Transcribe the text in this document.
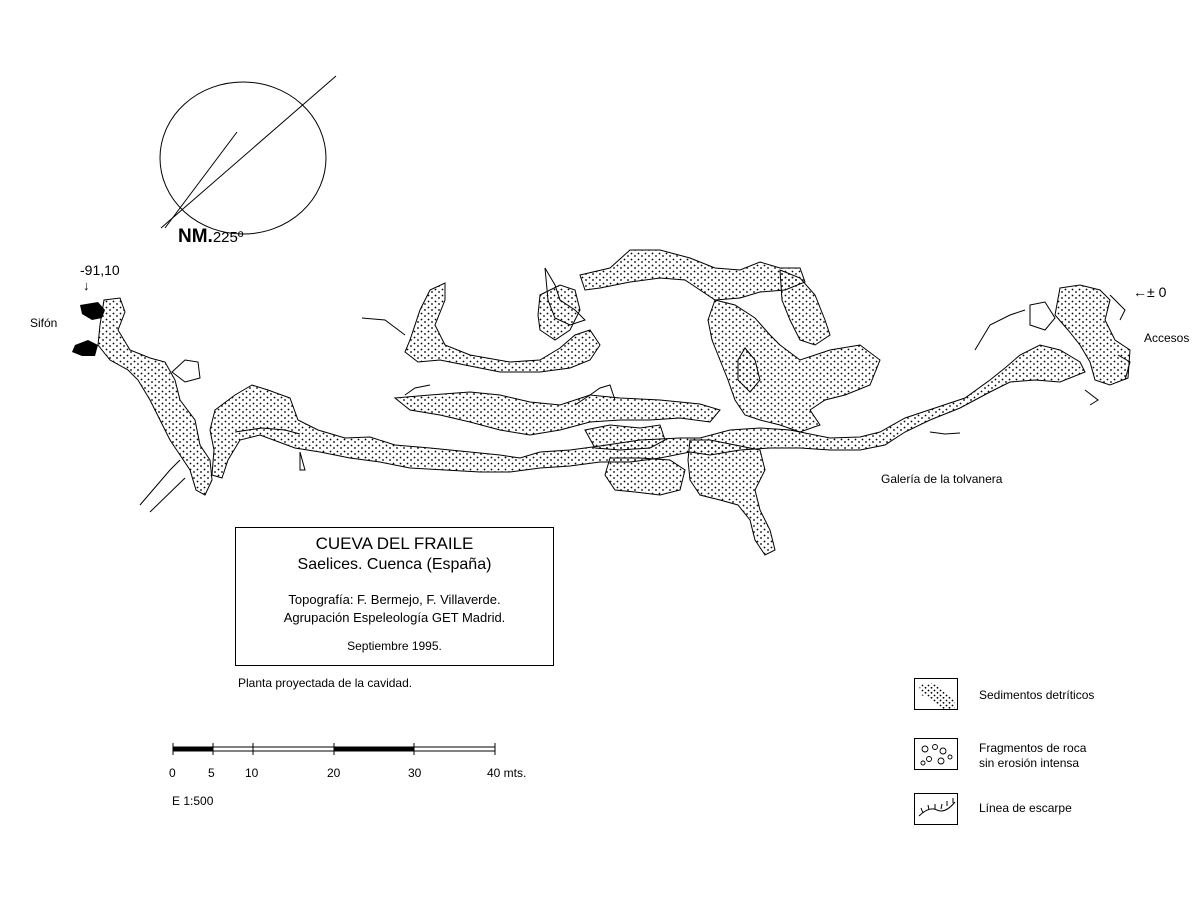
NM.225º
-91,10
↓	←± 0
Sifón
Accesos
Galería de la tolvanera
CUEVA DEL FRAILE
Saelices. Cuenca (España)
Topografía: F. Bermejo, F. Villaverde.
Agrupación Espeleología GET Madrid.
Septiembre 1995.
Planta proyectada de la cavidad.
0	5	10	20	30	40 mts.
E 1:500
Sedimentos detríticos
Fragmentos de roca
sin erosión intensa
Línea de escarpe
